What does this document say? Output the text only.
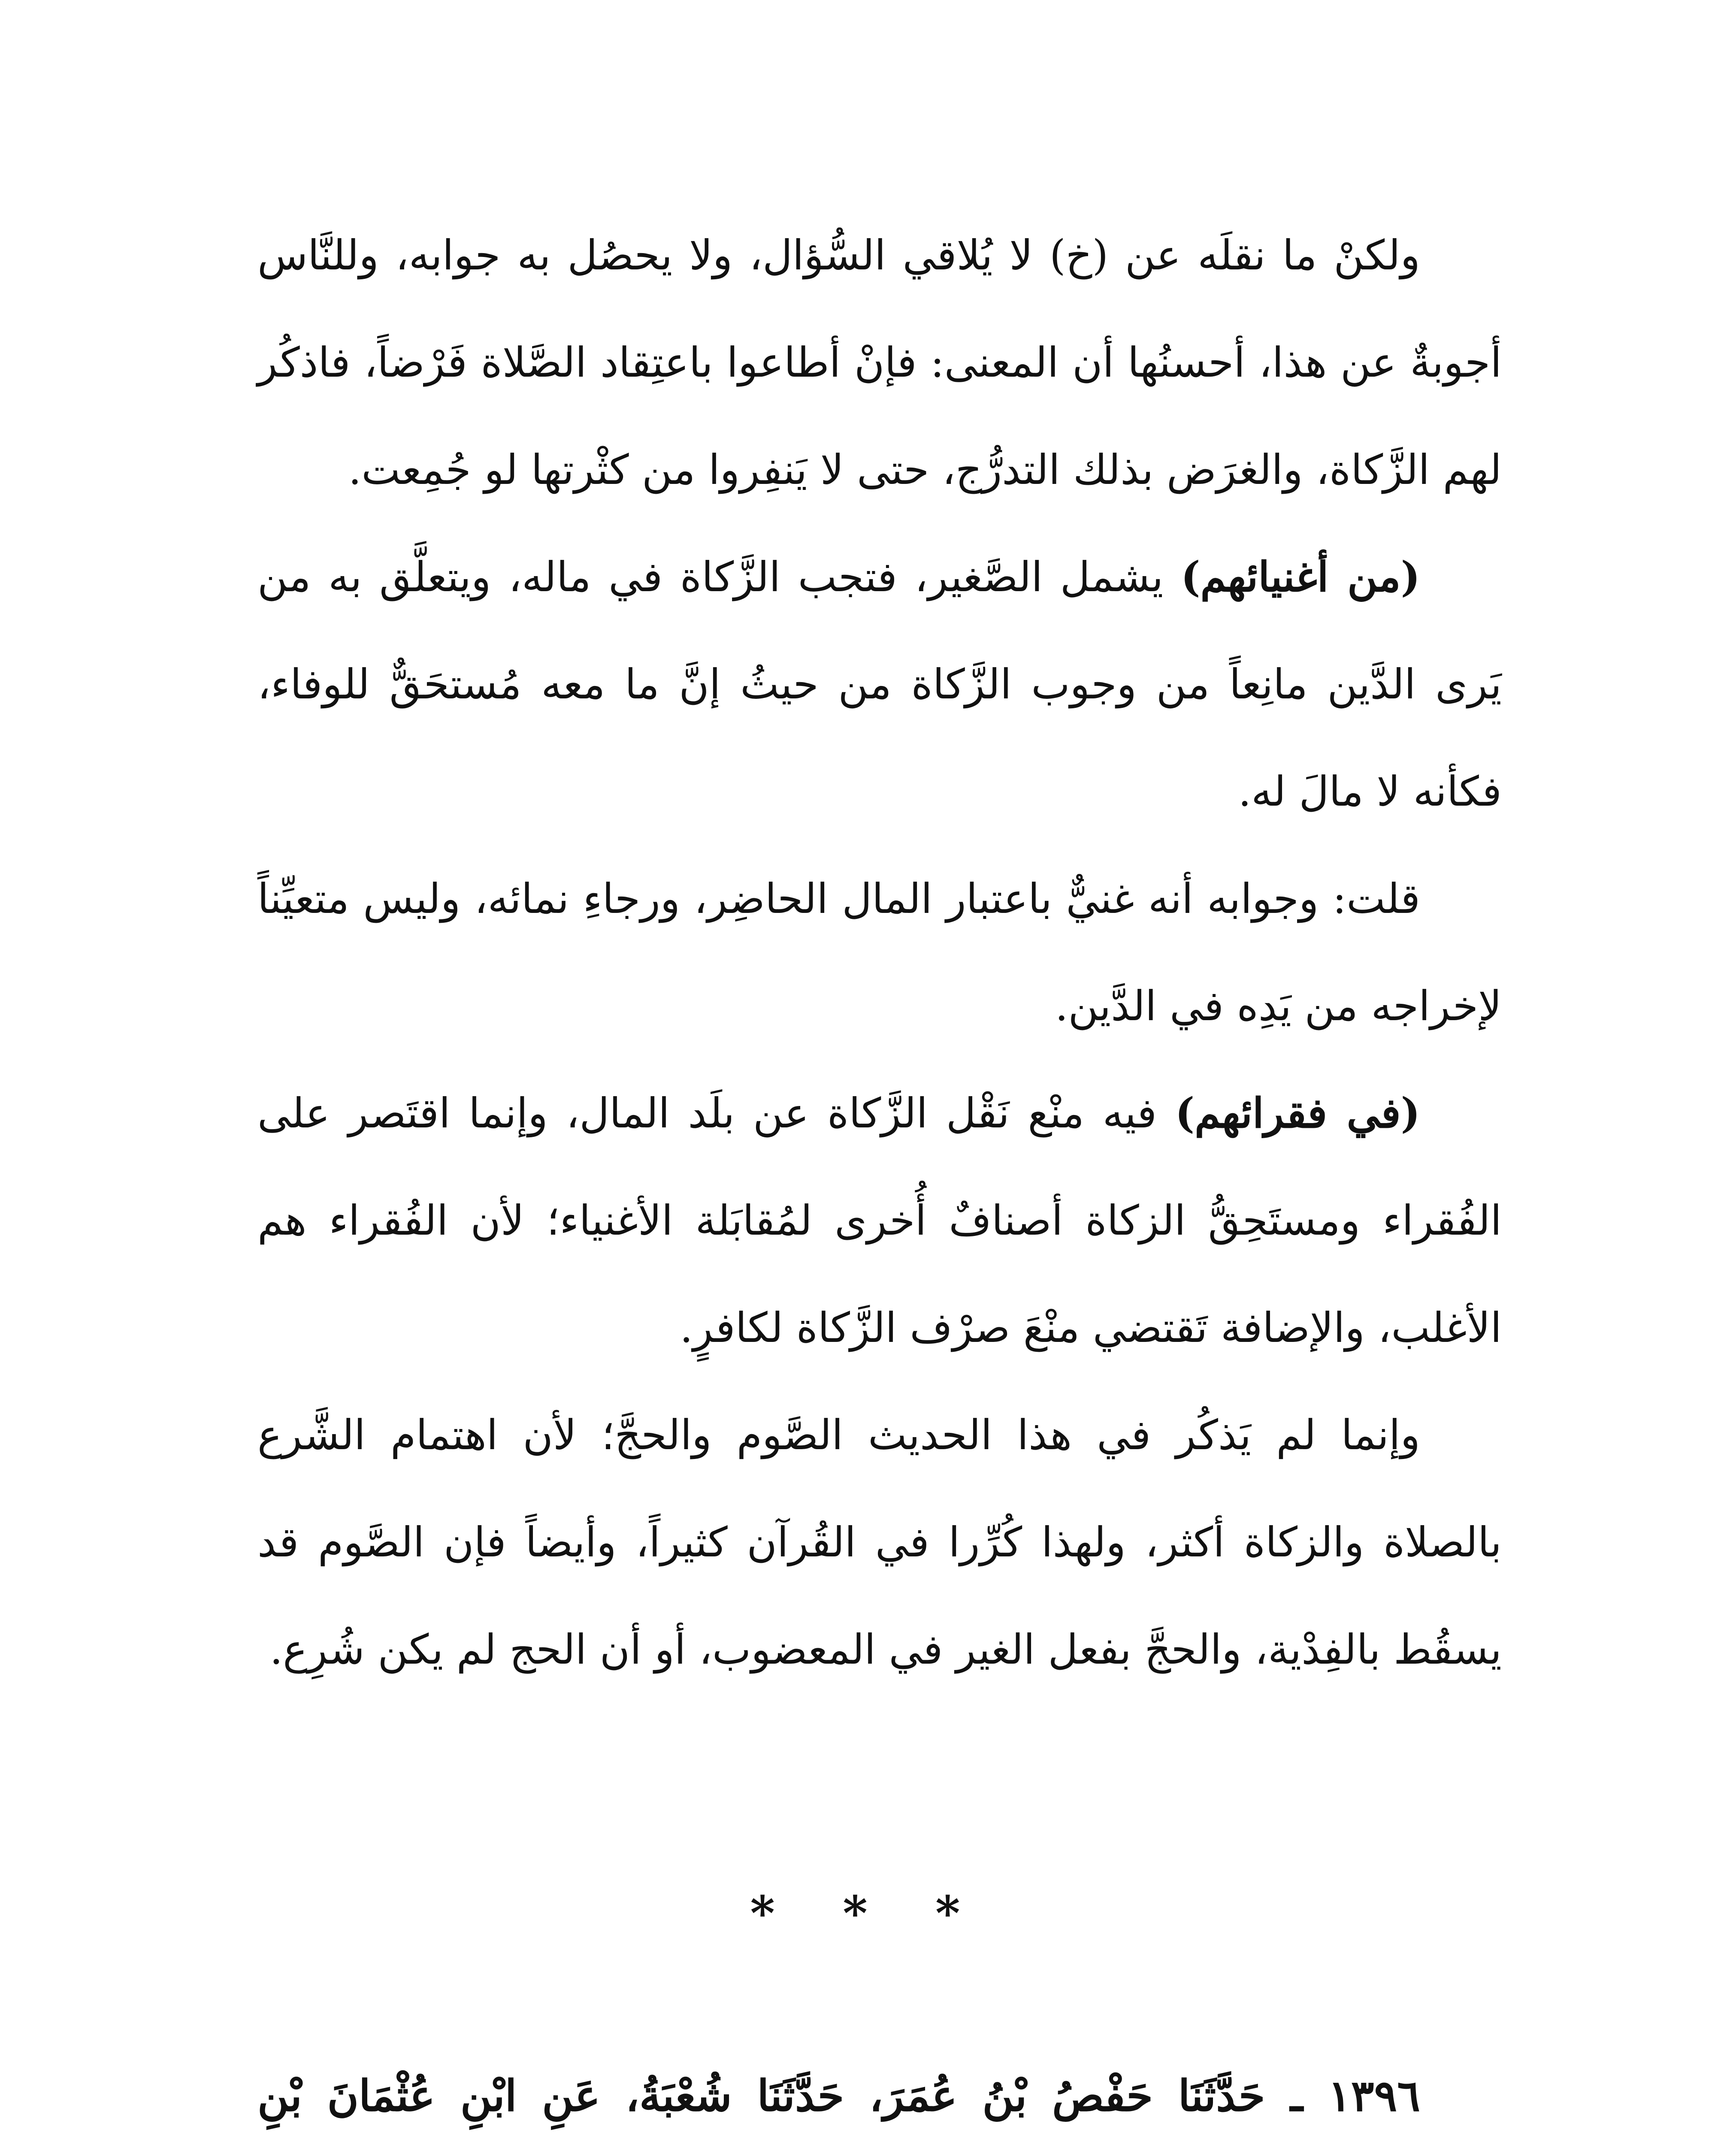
ولكنْ ما نقلَه عن (خ) لا يُلاقي السُّؤال، ولا يحصُل به جوابه، وللنَّاس أجوبةٌ عن هذا، أحسنُها أن المعنى: فإنْ أطاعوا باعتِقاد الصَّلاة فَرْضاً، فاذكُر لهم الزَّكاة، والغرَض بذلك التدرُّج، حتى لا يَنفِروا من كثْرتها لو جُمِعت.

(من أغنيائهم) يشمل الصَّغير، فتجب الزَّكاة في ماله، ويتعلَّق به من يَرى الدَّين مانِعاً من وجوب الزَّكاة من حيثُ إنَّ ما معه مُستحَقٌّ للوفاء، فكأنه لا مالَ له.

قلت: وجوابه أنه غنيٌّ باعتبار المال الحاضِر، ورجاءِ نمائه، وليس متعيِّناً لإخراجه من يَدِه في الدَّين.

(في فقرائهم) فيه منْع نَقْل الزَّكاة عن بلَد المال، وإنما اقتَصر على الفُقراء ومستَحِقُّ الزكاة أصنافٌ أُخرى لمُقابَلة الأغنياء؛ لأن الفُقراء هم الأغلب، والإضافة تَقتضي منْعَ صرْف الزَّكاة لكافرٍ.

وإنما لم يَذكُر في هذا الحديث الصَّوم والحجَّ؛ لأن اهتمام الشَّرع بالصلاة والزكاة أكثر، ولهذا كُرِّرا في القُرآن كثيراً، وأيضاً فإن الصَّوم قد يسقُط بالفِدْية، والحجَّ بفعل الغير في المعضوب، أو أن الحج لم يكن شُرِع.

* * *

١٣٩٦ ـ حَدَّثَنَا حَفْصُ بْنُ عُمَرَ، حَدَّثَنَا شُعْبَةُ، عَنِ ابْنِ عُثْمَانَ بْنِ
